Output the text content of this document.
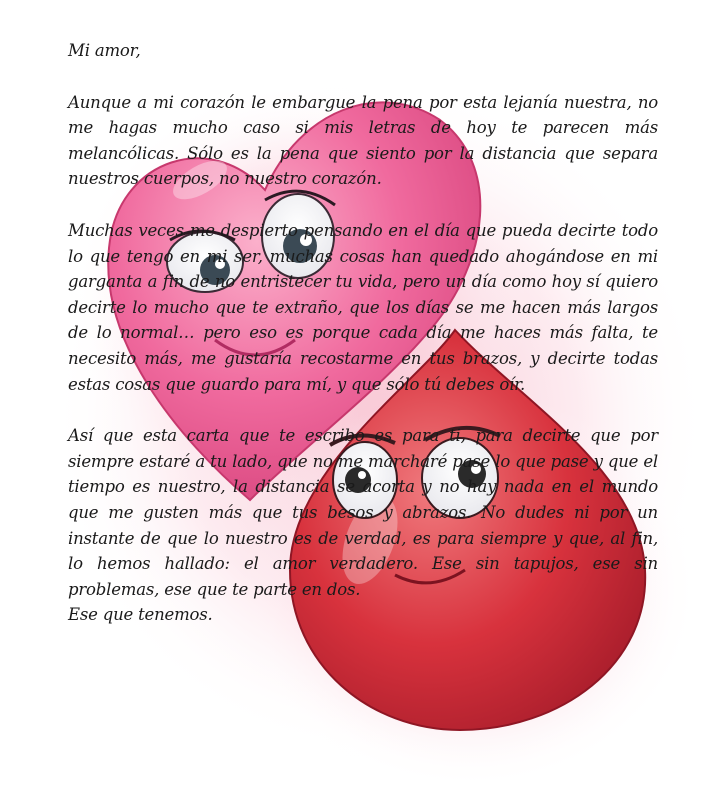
Mi amor,

Aunque a mi corazón le embargue la pena por esta lejanía nuestra, no me hagas mucho caso si mis letras de hoy te parecen más melancólicas. Sólo es la pena que siento por la distancia que separa nuestros cuerpos, no nuestro corazón.

Muchas veces me despierto pensando en el día que pueda decirte todo lo que tengo en mi ser, muchas cosas han quedado ahogándose en mi garganta a fin de no entristecer tu vida, pero un día como hoy sí quiero decirte lo mucho que te extraño, que los días se me hacen más largos de lo normal… pero eso es porque cada día me haces más falta, te necesito más, me gustaría recostarme en tus brazos, y decirte todas estas cosas que guardo para mí, y que sólo tú debes oír.

Así que esta carta que te escribo es para ti, para decirte que por siempre estaré a tu lado, que no me marcharé pase lo que pase y que el tiempo es nuestro, la distancia se acorta y no hay nada en el mundo que me gusten más que tus besos y abrazos. No dudes ni por un instante de que lo nuestro es de verdad, es para siempre y que, al fin, lo hemos hallado: el amor verdadero. Ese sin tapujos, ese sin problemas, ese que te parte en dos.

Ese que tenemos.
